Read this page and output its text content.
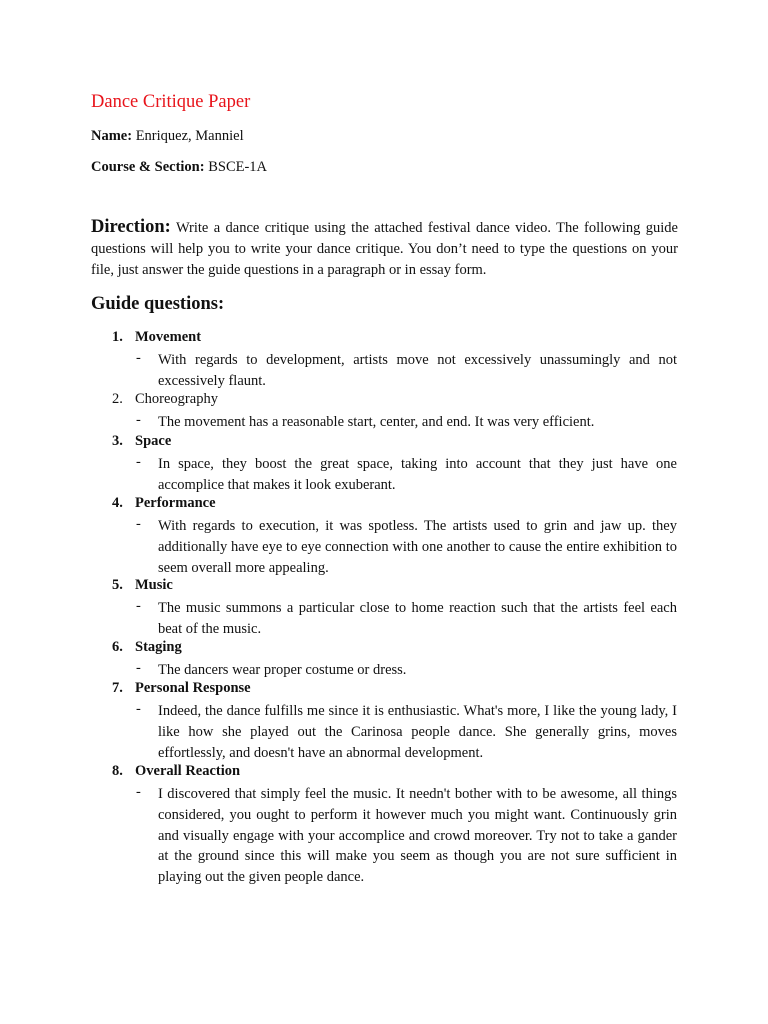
Dance Critique Paper
Name: Enriquez, Manniel
Course & Section: BSCE-1A
Direction: Write a dance critique using the attached festival dance video. The following guide questions will help you to write your dance critique. You don’t need to type the questions on your file, just answer the guide questions in a paragraph or in essay form.
Guide questions:
1. Movement
- With regards to development, artists move not excessively unassumingly and not excessively flaunt.
2. Choreography
- The movement has a reasonable start, center, and end. It was very efficient.
3. Space
- In space, they boost the great space, taking into account that they just have one accomplice that makes it look exuberant.
4. Performance
- With regards to execution, it was spotless. The artists used to grin and jaw up. they additionally have eye to eye connection with one another to cause the entire exhibition to seem overall more appealing.
5. Music
- The music summons a particular close to home reaction such that the artists feel each beat of the music.
6. Staging
- The dancers wear proper costume or dress.
7. Personal Response
- Indeed, the dance fulfills me since it is enthusiastic. What's more, I like the young lady, I like how she played out the Carinosa people dance. She generally grins, moves effortlessly, and doesn't have an abnormal development.
8. Overall Reaction
- I discovered that simply feel the music. It needn't bother with to be awesome, all things considered, you ought to perform it however much you might want. Continuously grin and visually engage with your accomplice and crowd moreover. Try not to take a gander at the ground since this will make you seem as though you are not sure sufficient in playing out the given people dance.
